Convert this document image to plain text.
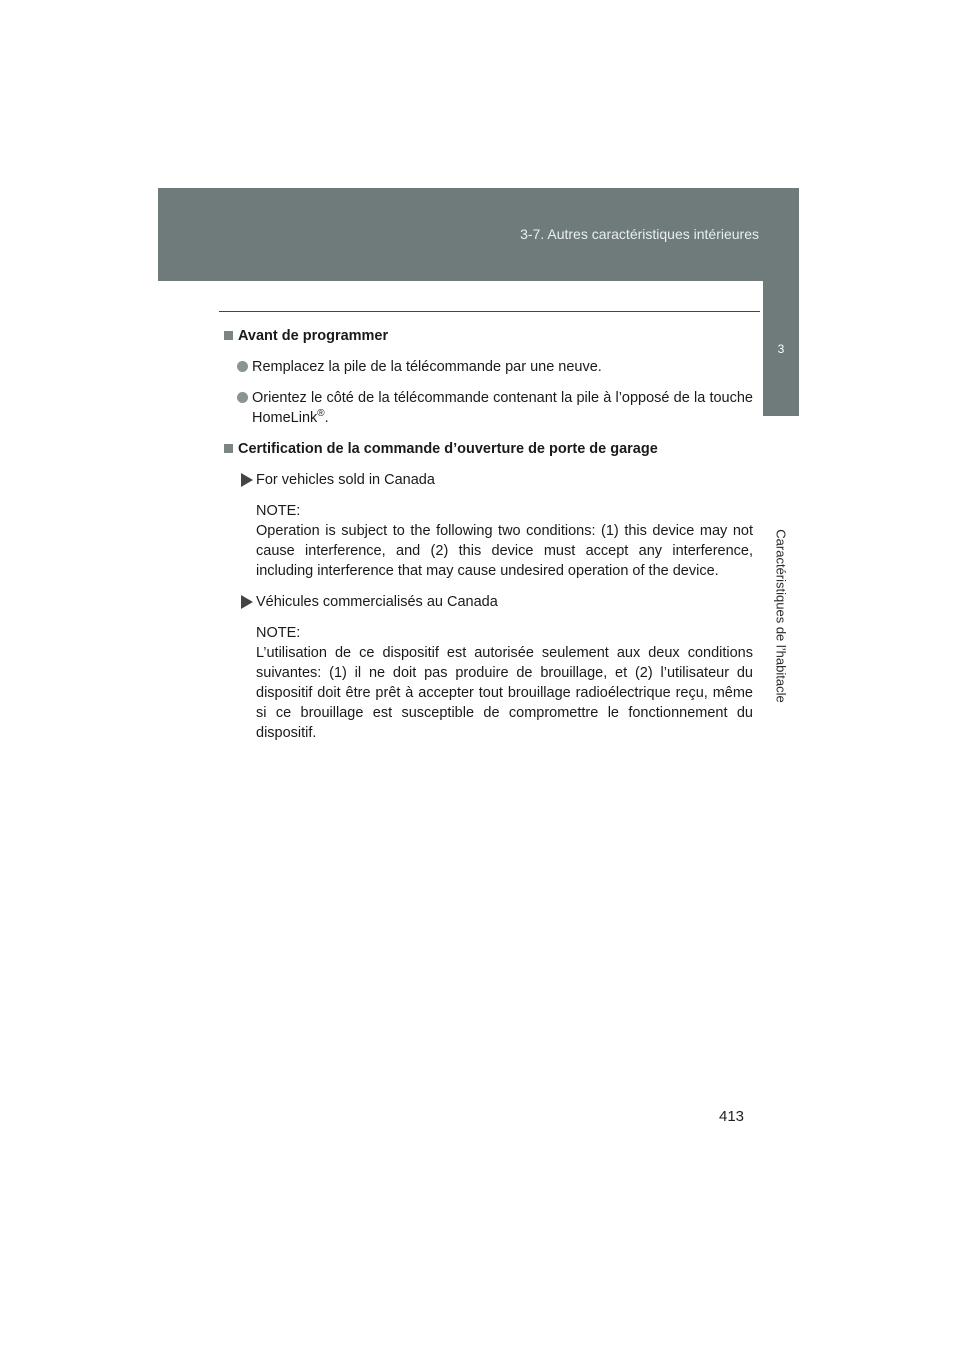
3-7. Autres caractéristiques intérieures
3
Caractéristiques de l’habitacle
Avant de programmer
Remplacez la pile de la télécommande par une neuve.
Orientez le côté de la télécommande contenant la pile à l’opposé de la touche HomeLink®.
Certification de la commande d’ouverture de porte de garage
For vehicles sold in Canada
NOTE:
Operation is subject to the following two conditions: (1) this device may not cause interference, and (2) this device must accept any interference, including interference that may cause undesired operation of the device.
Véhicules commercialisés au Canada
NOTE:
L’utilisation de ce dispositif est autorisée seulement aux deux conditions suivantes: (1) il ne doit pas produire de brouillage, et (2) l’utilisateur du dispositif doit être prêt à accepter tout brouillage radioélectrique reçu, même si ce brouillage est susceptible de compromettre le fonctionnement du dispositif.
413
